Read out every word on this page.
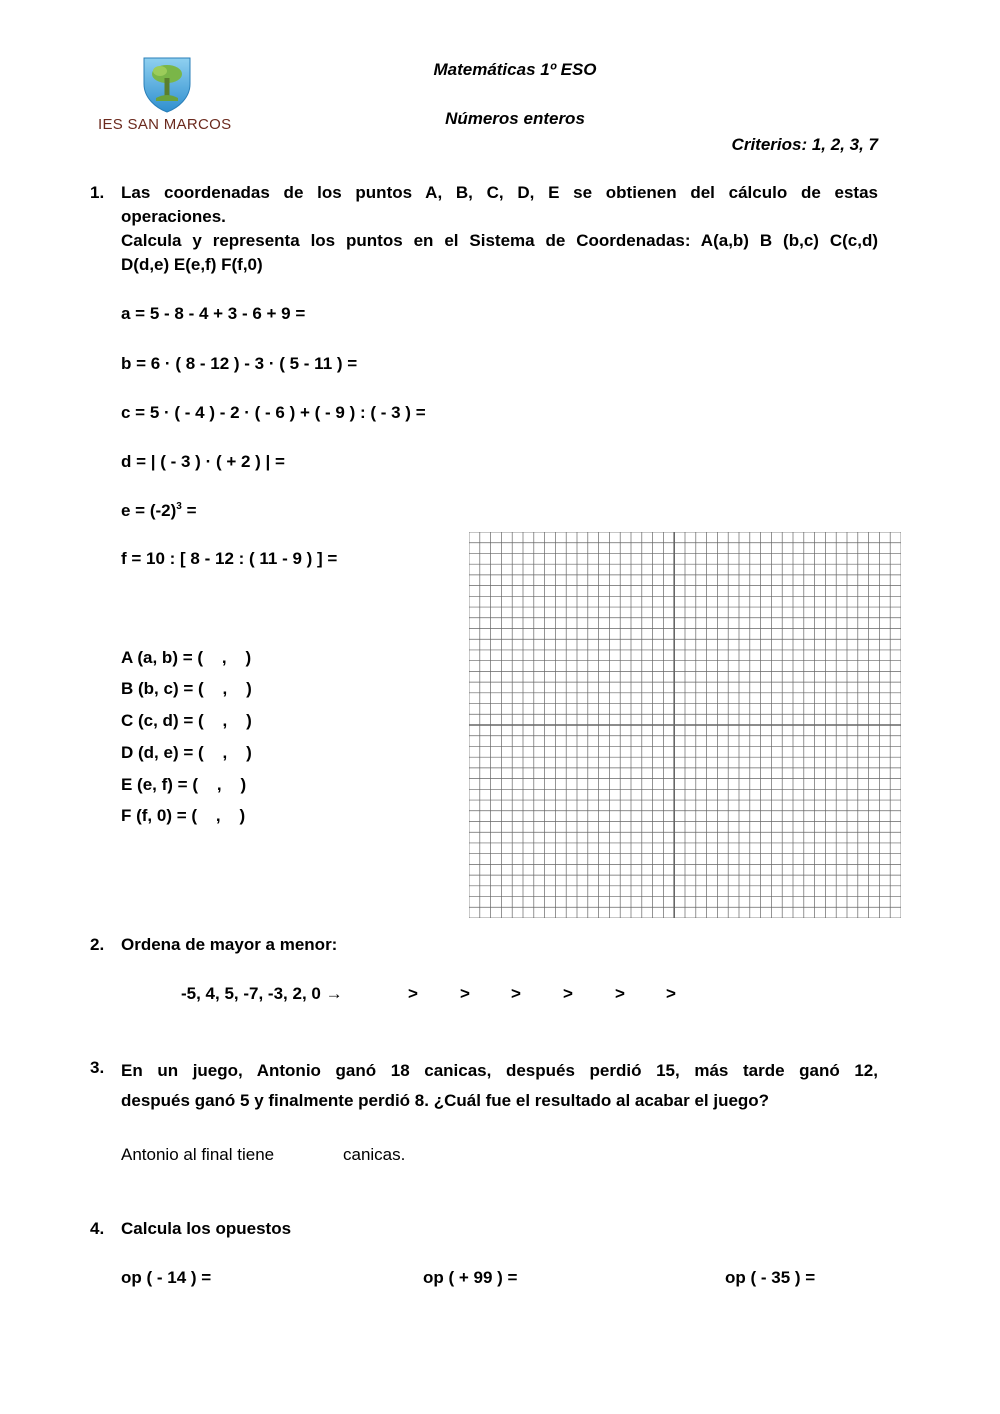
IES SAN MARCOS
Matemáticas 1º ESO
Números enteros
Criterios: 1, 2, 3, 7
1. Las coordenadas de los puntos A, B, C, D, E se obtienen del cálculo de estas
operaciones.
Calcula y representa los puntos en el Sistema de Coordenadas: A(a,b) B (b,c) C(c,d)
D(d,e) E(e,f) F(f,0)
a = 5 - 8 - 4 + 3 - 6 + 9 =
b = 6 · ( 8 - 12 ) - 3 · ( 5 - 11 ) =
c = 5 · ( - 4 ) - 2 · ( - 6 ) + ( - 9 ) : ( - 3 ) =
d = | ( - 3 ) · ( + 2 ) | =
$e = (-2)^3$ =
f = 10 : [ 8 - 12 : ( 11 - 9 ) ] =
A (a, b) = (    ,    )
B (b, c) = (    ,    )
C (c, d) = (    ,    )
D (d, e) = (    ,    )
E (e, f) = (    ,    )
F (f, 0) = (    ,    )
2. Ordena de mayor a menor:
-5, 4, 5, -7, -3, 2, 0 →	> > > > > >
3. En un juego, Antonio ganó 18 canicas, después perdió 15, más tarde ganó 12,
después ganó 5 y finalmente perdió 8. ¿Cuál fue el resultado al acabar el juego?
Antonio al final tiene	canicas.
4. Calcula los opuestos
op ( - 14 ) =	op ( + 99 ) =	op ( - 35 ) =
